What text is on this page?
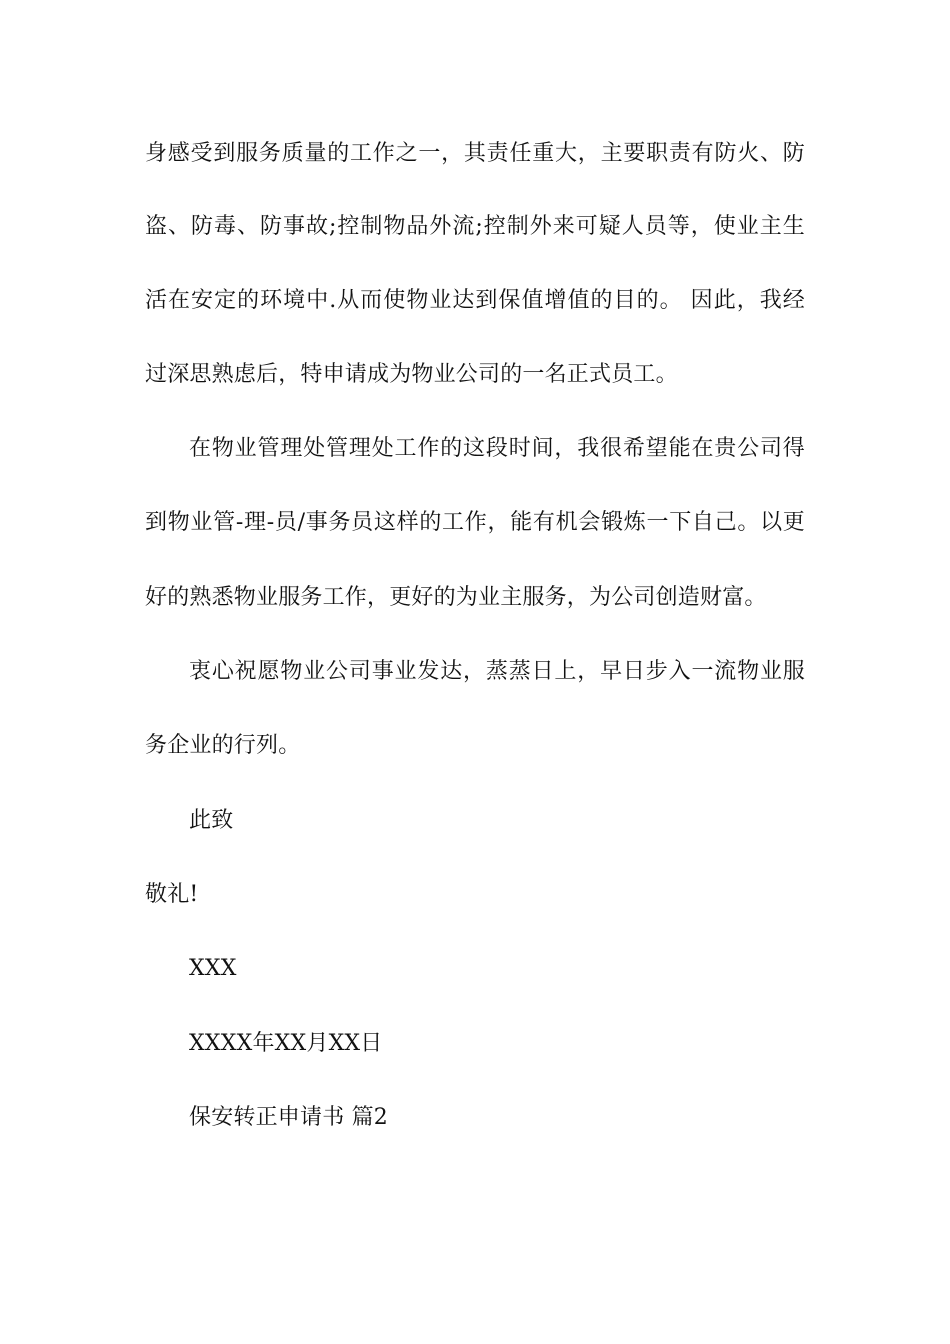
身感受到服务质量的工作之一，其责任重大，主要职责有防火、防
盗、防毒、防事故;控制物品外流;控制外来可疑人员等，使业主生
活在安定的环境中.从而使物业达到保值增值的目的。 因此，我经
过深思熟虑后，特申请成为物业公司的一名正式员工。
在物业管理处管理处工作的这段时间，我很希望能在贵公司得
到物业管-理-员/事务员这样的工作，能有机会锻炼一下自己。以更
好的熟悉物业服务工作，更好的为业主服务，为公司创造财富。
衷心祝愿物业公司事业发达，蒸蒸日上，早日步入一流物业服
务企业的行列。
此致
敬礼!
XXX
XXXX年XX月XX日
保安转正申请书 篇2
